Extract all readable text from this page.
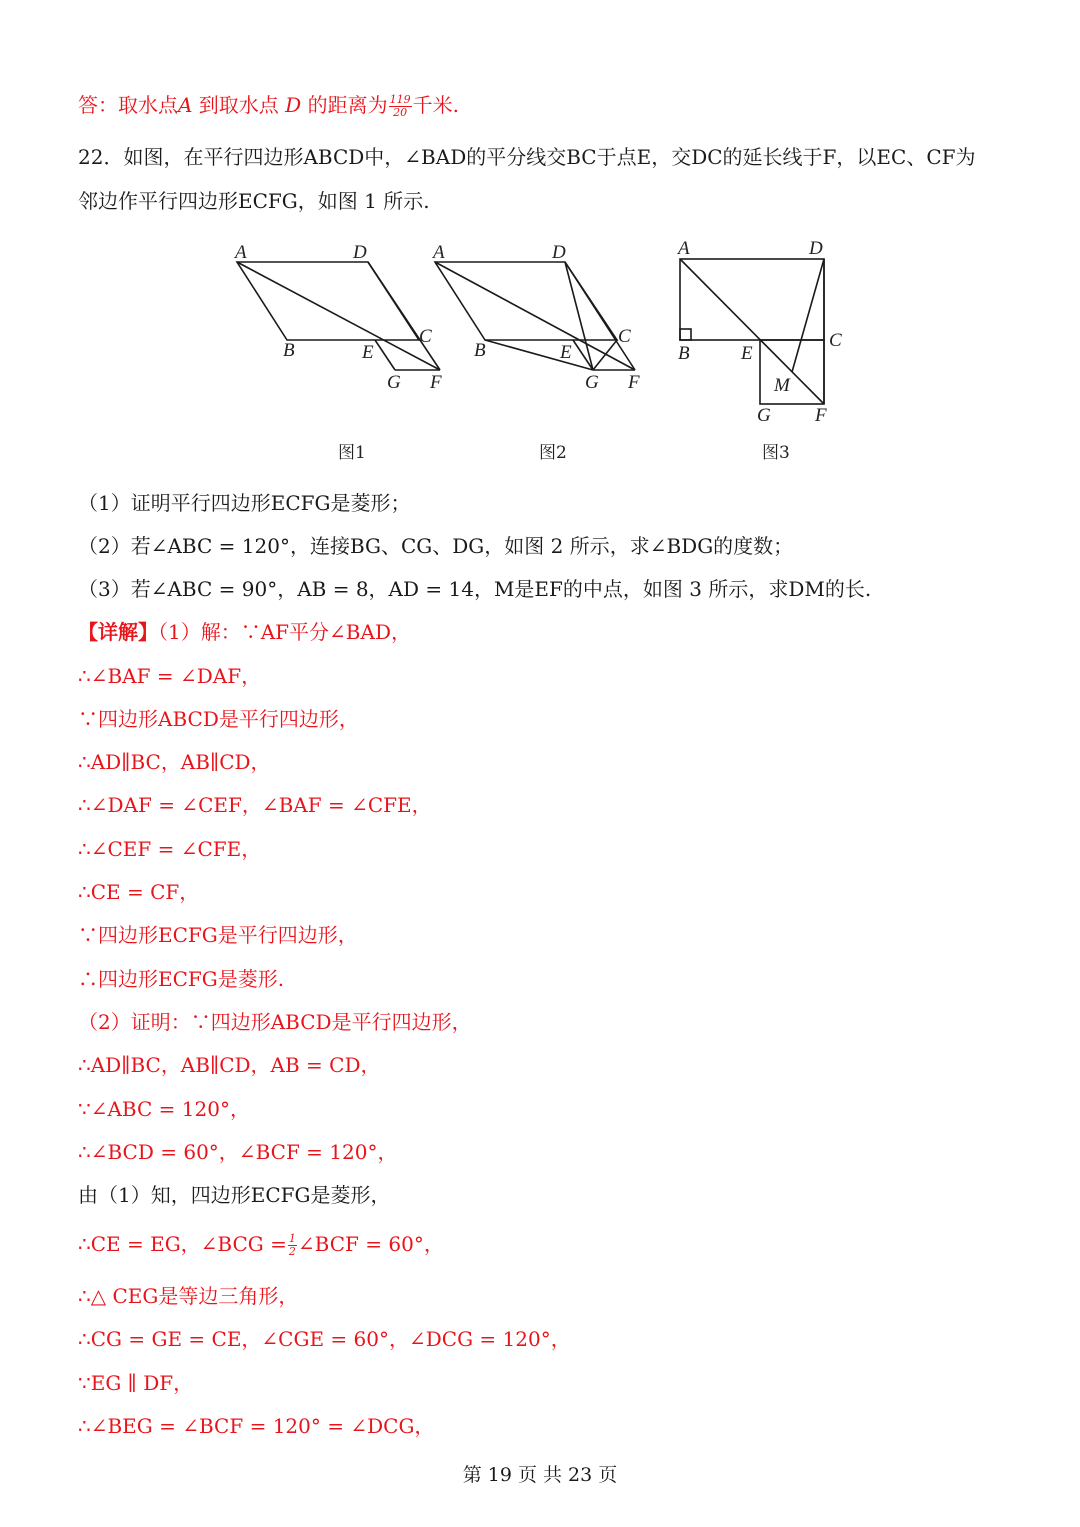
答：取水点A 到取水点 D 的距离为 $\frac{119}{20}$ 千米.
22．如图，在平行四边形ABCD中，∠BAD的平分线交BC于点E，交DC的延长线于F，以EC、CF为
邻边作平行四边形ECFG，如图 1 所示.
A	D
B	E
C
G F
图1
A	D
B	E
C
G F
图2
A	D
B	E
C
M
G F
图3
（1）证明平行四边形ECFG是菱形；
（2）若∠ABC = 120°，连接BG、CG、DG，如图 2 所示，求∠BDG的度数；
（3）若∠ABC = 90°，AB = 8，AD = 14，M是EF的中点，如图 3 所示，求DM的长.
【详解】（1）解：∵AF平分∠BAD，
∴∠BAF = ∠DAF，
∵四边形ABCD是平行四边形，
∴AD∥BC，AB∥CD，
∴∠DAF = ∠CEF，∠BAF = ∠CFE，
∴∠CEF = ∠CFE，
∴CE = CF，
∵四边形ECFG是平行四边形，
∴四边形ECFG是菱形.
（2）证明：∵四边形ABCD是平行四边形，
∴AD∥BC，AB∥CD，AB = CD，
∵∠ABC = 120°，
∴∠BCD = 60°，∠BCF = 120°，
由（1）知，四边形ECFG是菱形，
∴CE = EG，∠BCG = $\frac{1}{2}$ ∠BCF = 60°，
∴△ CEG是等边三角形，
∴CG = GE = CE，∠CGE = 60°，∠DCG = 120°，
∵EG ∥ DF，
∴∠BEG = ∠BCF = 120° = ∠DCG，
第 19 页 共 23 页
